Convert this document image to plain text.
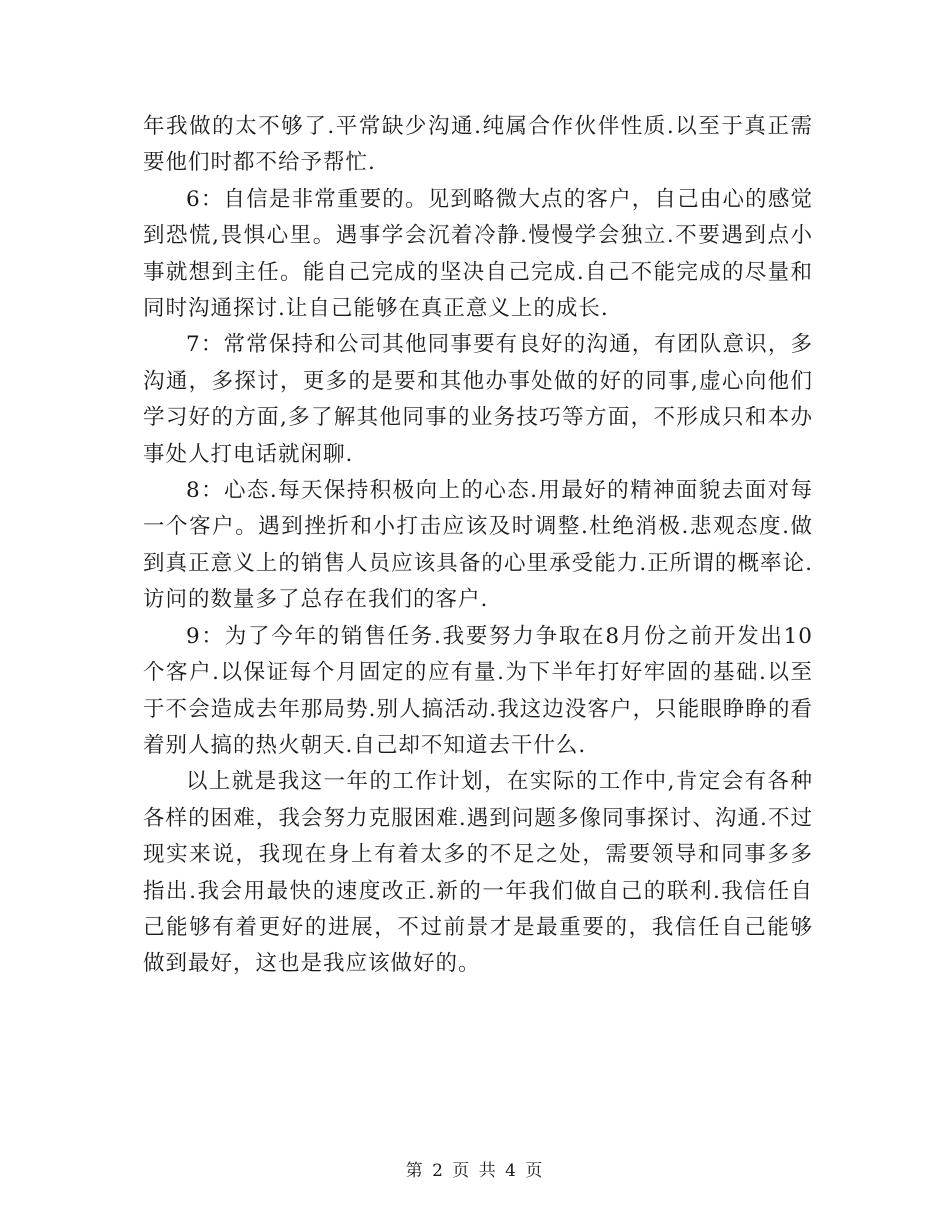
年我做的太不够了.平常缺少沟通.纯属合作伙伴性质.以至于真正需要他们时都不给予帮忙.

6：自信是非常重要的。见到略微大点的客户，自己由心的感觉到恐慌,畏惧心里。遇事学会沉着冷静.慢慢学会独立.不要遇到点小事就想到主任。能自己完成的坚决自己完成.自己不能完成的尽量和同时沟通探讨.让自己能够在真正意义上的成长.

7：常常保持和公司其他同事要有良好的沟通，有团队意识，多沟通，多探讨，更多的是要和其他办事处做的好的同事,虚心向他们学习好的方面,多了解其他同事的业务技巧等方面，不形成只和本办事处人打电话就闲聊.

8：心态.每天保持积极向上的心态.用最好的精神面貌去面对每一个客户。遇到挫折和小打击应该及时调整.杜绝消极.悲观态度.做到真正意义上的销售人员应该具备的心里承受能力.正所谓的概率论.访问的数量多了总存在我们的客户.

9：为了今年的销售任务.我要努力争取在8月份之前开发出10个客户.以保证每个月固定的应有量.为下半年打好牢固的基础.以至于不会造成去年那局势.别人搞活动.我这边没客户，只能眼睁睁的看着别人搞的热火朝天.自己却不知道去干什么.

以上就是我这一年的工作计划，在实际的工作中,肯定会有各种各样的困难，我会努力克服困难.遇到问题多像同事探讨、沟通.不过现实来说，我现在身上有着太多的不足之处，需要领导和同事多多指出.我会用最快的速度改正.新的一年我们做自己的联利.我信任自己能够有着更好的进展，不过前景才是最重要的，我信任自己能够做到最好，这也是我应该做好的。

第 2 页 共 4 页
